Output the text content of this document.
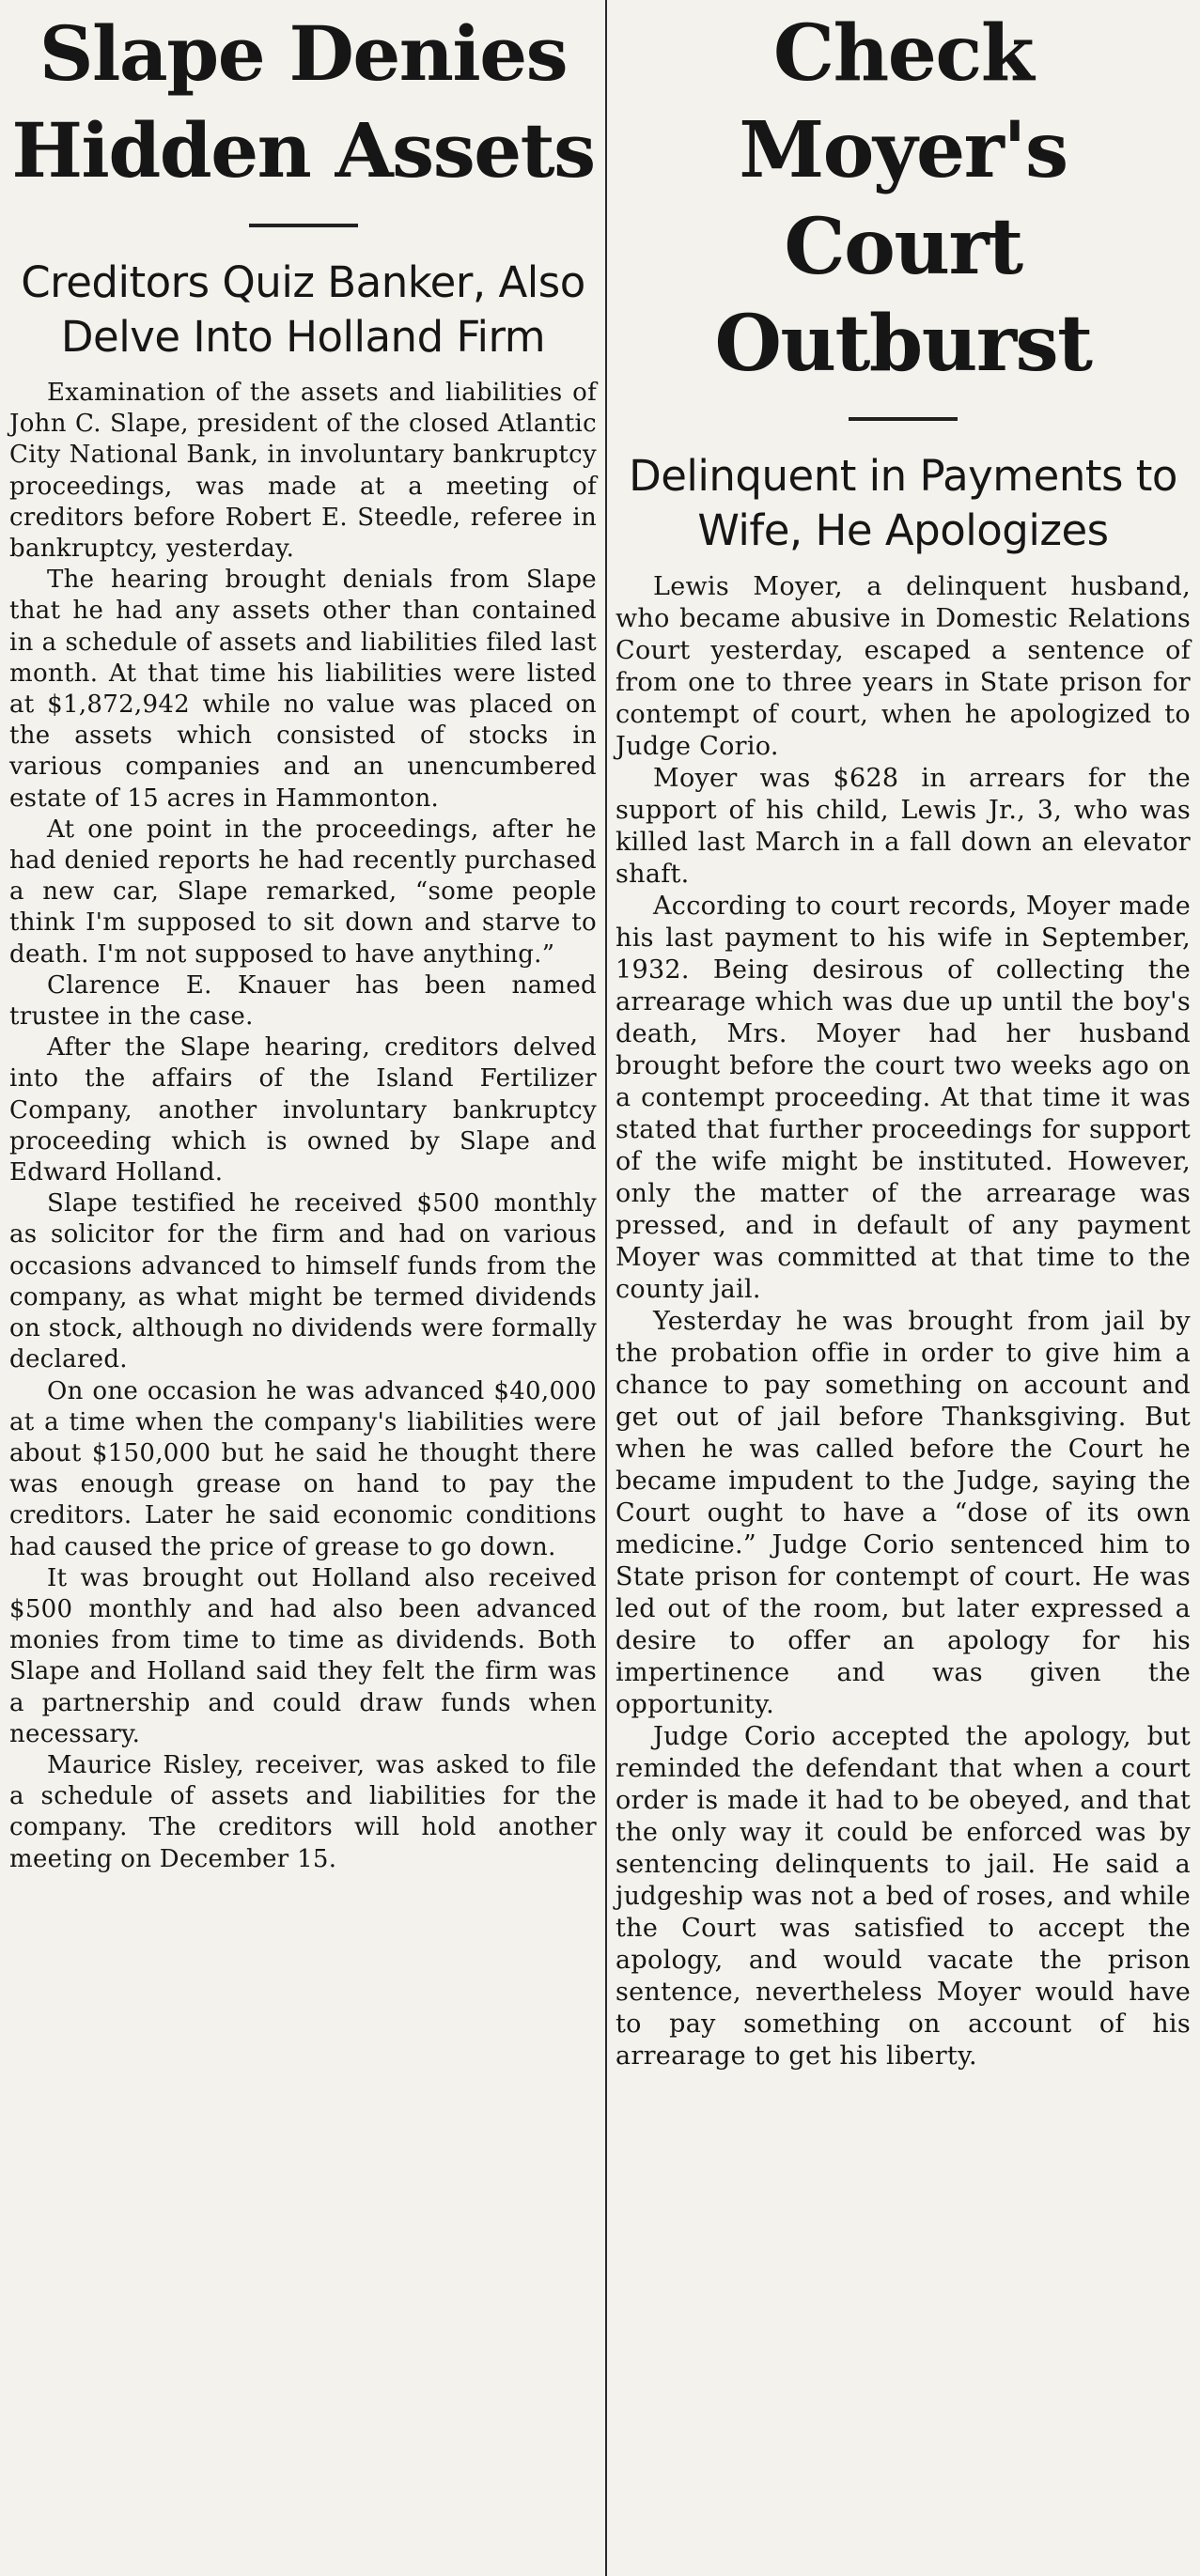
Slape Denies Hidden Assets
Creditors Quiz Banker, Also Delve Into Holland Firm

Examination of the assets and liabilities of John C. Slape, president of the closed Atlantic City National Bank, in involuntary bankruptcy proceedings, was made at a meeting of creditors before Robert E. Steedle, referee in bankruptcy, yesterday.

The hearing brought denials from Slape that he had any assets other than contained in a schedule of assets and liabilities filed last month. At that time his liabilities were listed at $1,872,942 while no value was placed on the assets which consisted of stocks in various companies and an unencumbered estate of 15 acres in Hammonton.

At one point in the proceedings, after he had denied reports he had recently purchased a new car, Slape remarked, “some people think I'm supposed to sit down and starve to death. I'm not supposed to have anything.”

Clarence E. Knauer has been named trustee in the case.

After the Slape hearing, creditors delved into the affairs of the Island Fertilizer Company, another involuntary bankruptcy proceeding which is owned by Slape and Edward Holland.

Slape testified he received $500 monthly as solicitor for the firm and had on various occasions advanced to himself funds from the company, as what might be termed dividends on stock, although no dividends were formally declared.

On one occasion he was advanced $40,000 at a time when the company's liabilities were about $150,000 but he said he thought there was enough grease on hand to pay the creditors. Later he said economic conditions had caused the price of grease to go down.

It was brought out Holland also received $500 monthly and had also been advanced monies from time to time as dividends. Both Slape and Holland said they felt the firm was a partnership and could draw funds when necessary.

Maurice Risley, receiver, was asked to file a schedule of assets and liabilities for the company. The creditors will hold another meeting on December 15.

Check Moyer's Court Outburst
Delinquent in Payments to Wife, He Apologizes

Lewis Moyer, a delinquent husband, who became abusive in Domestic Relations Court yesterday, escaped a sentence of from one to three years in State prison for contempt of court, when he apologized to Judge Corio.

Moyer was $628 in arrears for the support of his child, Lewis Jr., 3, who was killed last March in a fall down an elevator shaft.

According to court records, Moyer made his last payment to his wife in September, 1932. Being desirous of collecting the arrearage which was due up until the boy's death, Mrs. Moyer had her husband brought before the court two weeks ago on a contempt proceeding. At that time it was stated that further proceedings for support of the wife might be instituted. However, only the matter of the arrearage was pressed, and in default of any payment Moyer was committed at that time to the county jail.

Yesterday he was brought from jail by the probation offie in order to give him a chance to pay something on account and get out of jail before Thanksgiving. But when he was called before the Court he became impudent to the Judge, saying the Court ought to have a “dose of its own medicine.” Judge Corio sentenced him to State prison for contempt of court. He was led out of the room, but later expressed a desire to offer an apology for his impertinence and was given the opportunity.

Judge Corio accepted the apology, but reminded the defendant that when a court order is made it had to be obeyed, and that the only way it could be enforced was by sentencing delinquents to jail. He said a judgeship was not a bed of roses, and while the Court was satisfied to accept the apology, and would vacate the prison sentence, nevertheless Moyer would have to pay something on account of his arrearage to get his liberty.
